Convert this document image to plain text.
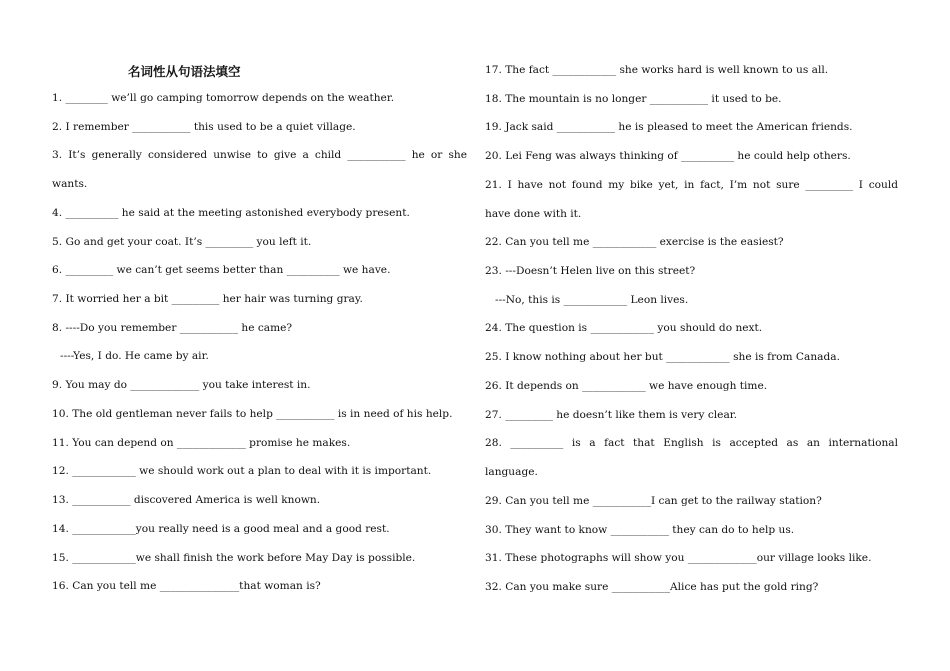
名词性从句语法填空
1. ________ we’ll go camping tomorrow depends on the weather.
2. I remember ___________ this used to be a quiet village.
3. It’s generally considered unwise to give a child ___________ he or she
wants.
4. __________ he said at the meeting astonished everybody present.
5. Go and get your coat. It’s _________ you left it.
6. _________ we can’t get seems better than __________ we have.
7. It worried her a bit _________ her hair was turning gray.
8. ----Do you remember ___________ he came?
----Yes, I do. He came by air.
9. You may do _____________ you take interest in.
10. The old gentleman never fails to help ___________ is in need of his help.
11. You can depend on _____________ promise he makes.
12. ____________ we should work out a plan to deal with it is important.
13. ___________ discovered America is well known.
14. ____________you really need is a good meal and a good rest.
15. ____________we shall finish the work before May Day is possible.
16. Can you tell me _______________that woman is?
17. The fact ____________ she works hard is well known to us all.
18. The mountain is no longer ___________ it used to be.
19. Jack said ___________ he is pleased to meet the American friends.
20. Lei Feng was always thinking of __________ he could help others.
21. I have not found my bike yet, in fact, I’m not sure _________ I could
have done with it.
22. Can you tell me ____________ exercise is the easiest?
23. ---Doesn’t Helen live on this street?
---No, this is ____________ Leon lives.
24. The question is ____________ you should do next.
25. I know nothing about her but ____________ she is from Canada.
26. It depends on ____________ we have enough time.
27. _________ he doesn’t like them is very clear.
28. __________ is a fact that English is accepted as an international
language.
29. Can you tell me ___________I can get to the railway station?
30. They want to know ___________ they can do to help us.
31. These photographs will show you _____________our village looks like.
32. Can you make sure ___________Alice has put the gold ring?
